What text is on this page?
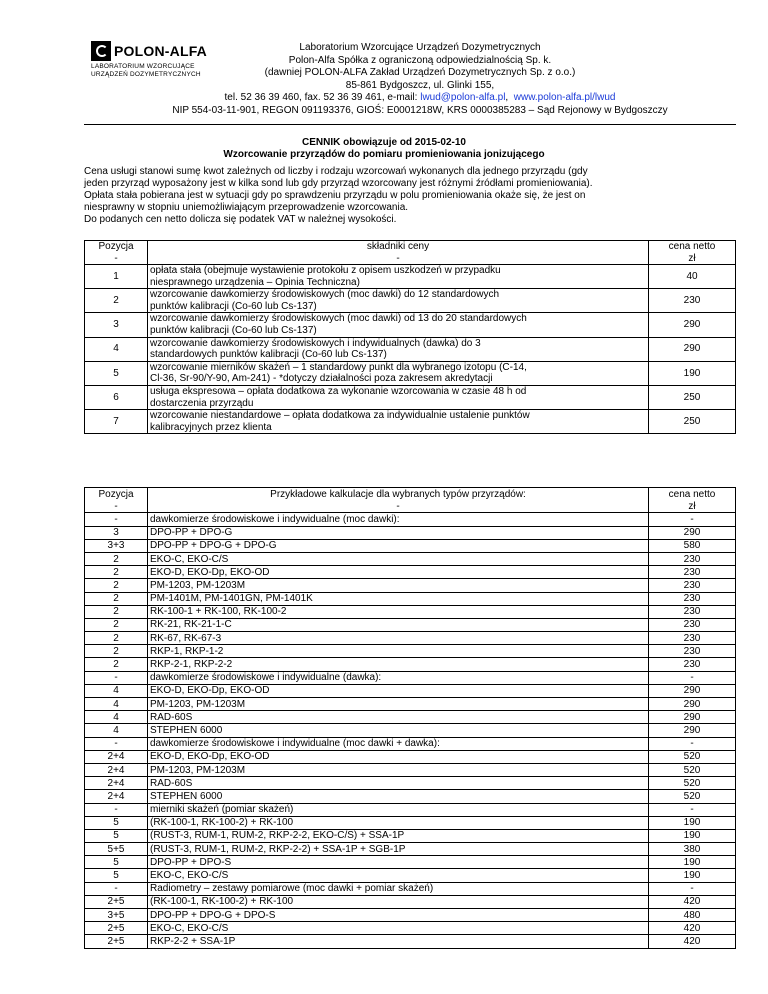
POLON-ALFA
LABORATORIUM WZORCUJĄCE
URZĄDZEŃ DOZYMETRYCZNYCH
Laboratorium Wzorcujące Urządzeń Dozymetrycznych
Polon-Alfa Spółka z ograniczoną odpowiedzialnością Sp. k.
(dawniej POLON-ALFA Zakład Urządzeń Dozymetrycznych Sp. z o.o.)
85-861 Bydgoszcz, ul. Glinki 155,
tel. 52 36 39 460, fax. 52 36 39 461, e-mail: lwud@polon-alfa.pl,  www.polon-alfa.pl/lwud
NIP 554-03-11-901, REGON 091193376, GIOŚ: E0001218W, KRS 0000385283 – Sąd Rejonowy w Bydgoszczy
CENNIK obowiązuje od 2015-02-10
Wzorcowanie przyrządów do pomiaru promieniowania jonizującego
Cena usługi stanowi sumę kwot zależnych od liczby i rodzaju wzorcowań wykonanych dla jednego przyrządu (gdy
jeden przyrząd wyposażony jest w kilka sond lub gdy przyrząd wzorcowany jest różnymi źródłami promieniowania).
Opłata stała pobierana jest w sytuacji gdy po sprawdzeniu przyrządu w polu promieniowania okaże się, że jest on
niesprawny w stopniu uniemożliwiającym przeprowadzenie wzorcowania.
Do podanych cen netto dolicza się podatek VAT w należnej wysokości.
Pozycja	składniki ceny	cena netto
-	-	zł
1	opłata stała (obejmuje wystawienie protokołu z opisem uszkodzeń w przypadku
niesprawnego urządzenia – Opinia Techniczna)	40
2	wzorcowanie dawkomierzy środowiskowych (moc dawki) do 12 standardowych
punktów kalibracji (Co-60 lub Cs-137)	230
3	wzorcowanie dawkomierzy środowiskowych (moc dawki) od 13 do 20 standardowych
punktów kalibracji (Co-60 lub Cs-137)	290
4	wzorcowanie dawkomierzy środowiskowych i indywidualnych (dawka) do 3
standardowych punktów kalibracji (Co-60 lub Cs-137)	290
5	wzorcowanie mierników skażeń – 1 standardowy punkt dla wybranego izotopu (C-14,
Cl-36, Sr-90/Y-90, Am-241) - *dotyczy działalności poza zakresem akredytacji	190
6	usługa ekspresowa – opłata dodatkowa za wykonanie wzorcowania w czasie 48 h od
dostarczenia przyrządu	250
7	wzorcowanie niestandardowe – opłata dodatkowa za indywidualnie ustalenie punktów
kalibracyjnych przez klienta	250
Pozycja	Przykładowe kalkulacje dla wybranych typów przyrządów:	cena netto
-	-	zł
-	dawkomierze środowiskowe i indywidualne (moc dawki):	-
3	DPO-PP + DPO-G	290
3+3	DPO-PP + DPO-G + DPO-G	580
2	EKO-C, EKO-C/S	230
2	EKO-D, EKO-Dp, EKO-OD	230
2	PM-1203, PM-1203M	230
2	PM-1401M, PM-1401GN, PM-1401K	230
2	RK-100-1 + RK-100, RK-100-2	230
2	RK-21, RK-21-1-C	230
2	RK-67, RK-67-3	230
2	RKP-1, RKP-1-2	230
2	RKP-2-1, RKP-2-2	230
-	dawkomierze środowiskowe i indywidualne (dawka):	-
4	EKO-D, EKO-Dp, EKO-OD	290
4	PM-1203, PM-1203M	290
4	RAD-60S	290
4	STEPHEN 6000	290
-	dawkomierze środowiskowe i indywidualne (moc dawki + dawka):	-
2+4	EKO-D, EKO-Dp, EKO-OD	520
2+4	PM-1203, PM-1203M	520
2+4	RAD-60S	520
2+4	STEPHEN 6000	520
-	mierniki skażeń (pomiar skażeń)	-
5	(RK-100-1, RK-100-2) + RK-100	190
5	(RUST-3, RUM-1, RUM-2, RKP-2-2, EKO-C/S) + SSA-1P	190
5+5	(RUST-3, RUM-1, RUM-2, RKP-2-2) + SSA-1P + SGB-1P	380
5	DPO-PP + DPO-S	190
5	EKO-C, EKO-C/S	190
-	Radiometry – zestawy pomiarowe (moc dawki + pomiar skażeń)	-
2+5	(RK-100-1, RK-100-2) + RK-100	420
3+5	DPO-PP + DPO-G + DPO-S	480
2+5	EKO-C, EKO-C/S	420
2+5	RKP-2-2 + SSA-1P	420
